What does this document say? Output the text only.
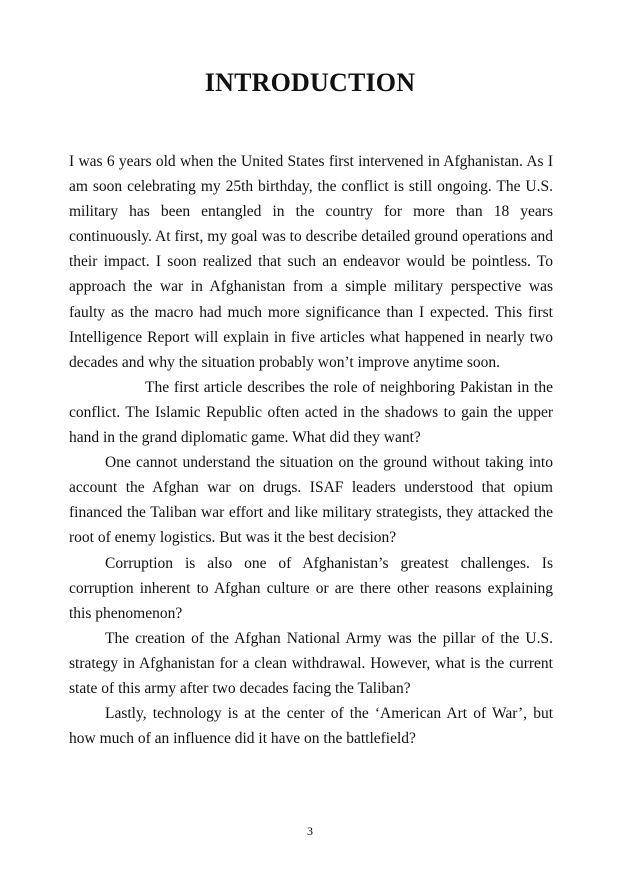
INTRODUCTION

I was 6 years old when the United States first intervened in Afghanistan. As I am soon celebrating my 25th birthday, the conflict is still ongoing. The U.S. military has been entangled in the country for more than 18 years continuously. At first, my goal was to describe detailed ground operations and their impact. I soon realized that such an endeavor would be pointless. To approach the war in Afghanistan from a simple military perspective was faulty as the macro had much more significance than I expected. This first Intelligence Report will explain in five articles what happened in nearly two decades and why the situation probably won’t improve anytime soon.

The first article describes the role of neighboring Pakistan in the conflict. The Islamic Republic often acted in the shadows to gain the upper hand in the grand diplomatic game. What did they want?

One cannot understand the situation on the ground without taking into account the Afghan war on drugs. ISAF leaders understood that opium financed the Taliban war effort and like military strategists, they attacked the root of enemy logistics. But was it the best decision?

Corruption is also one of Afghanistan’s greatest challenges. Is corruption inherent to Afghan culture or are there other reasons explaining this phenomenon?

The creation of the Afghan National Army was the pillar of the U.S. strategy in Afghanistan for a clean withdrawal. However, what is the current state of this army after two decades facing the Taliban?

Lastly, technology is at the center of the ‘American Art of War’, but how much of an influence did it have on the battlefield?

3
